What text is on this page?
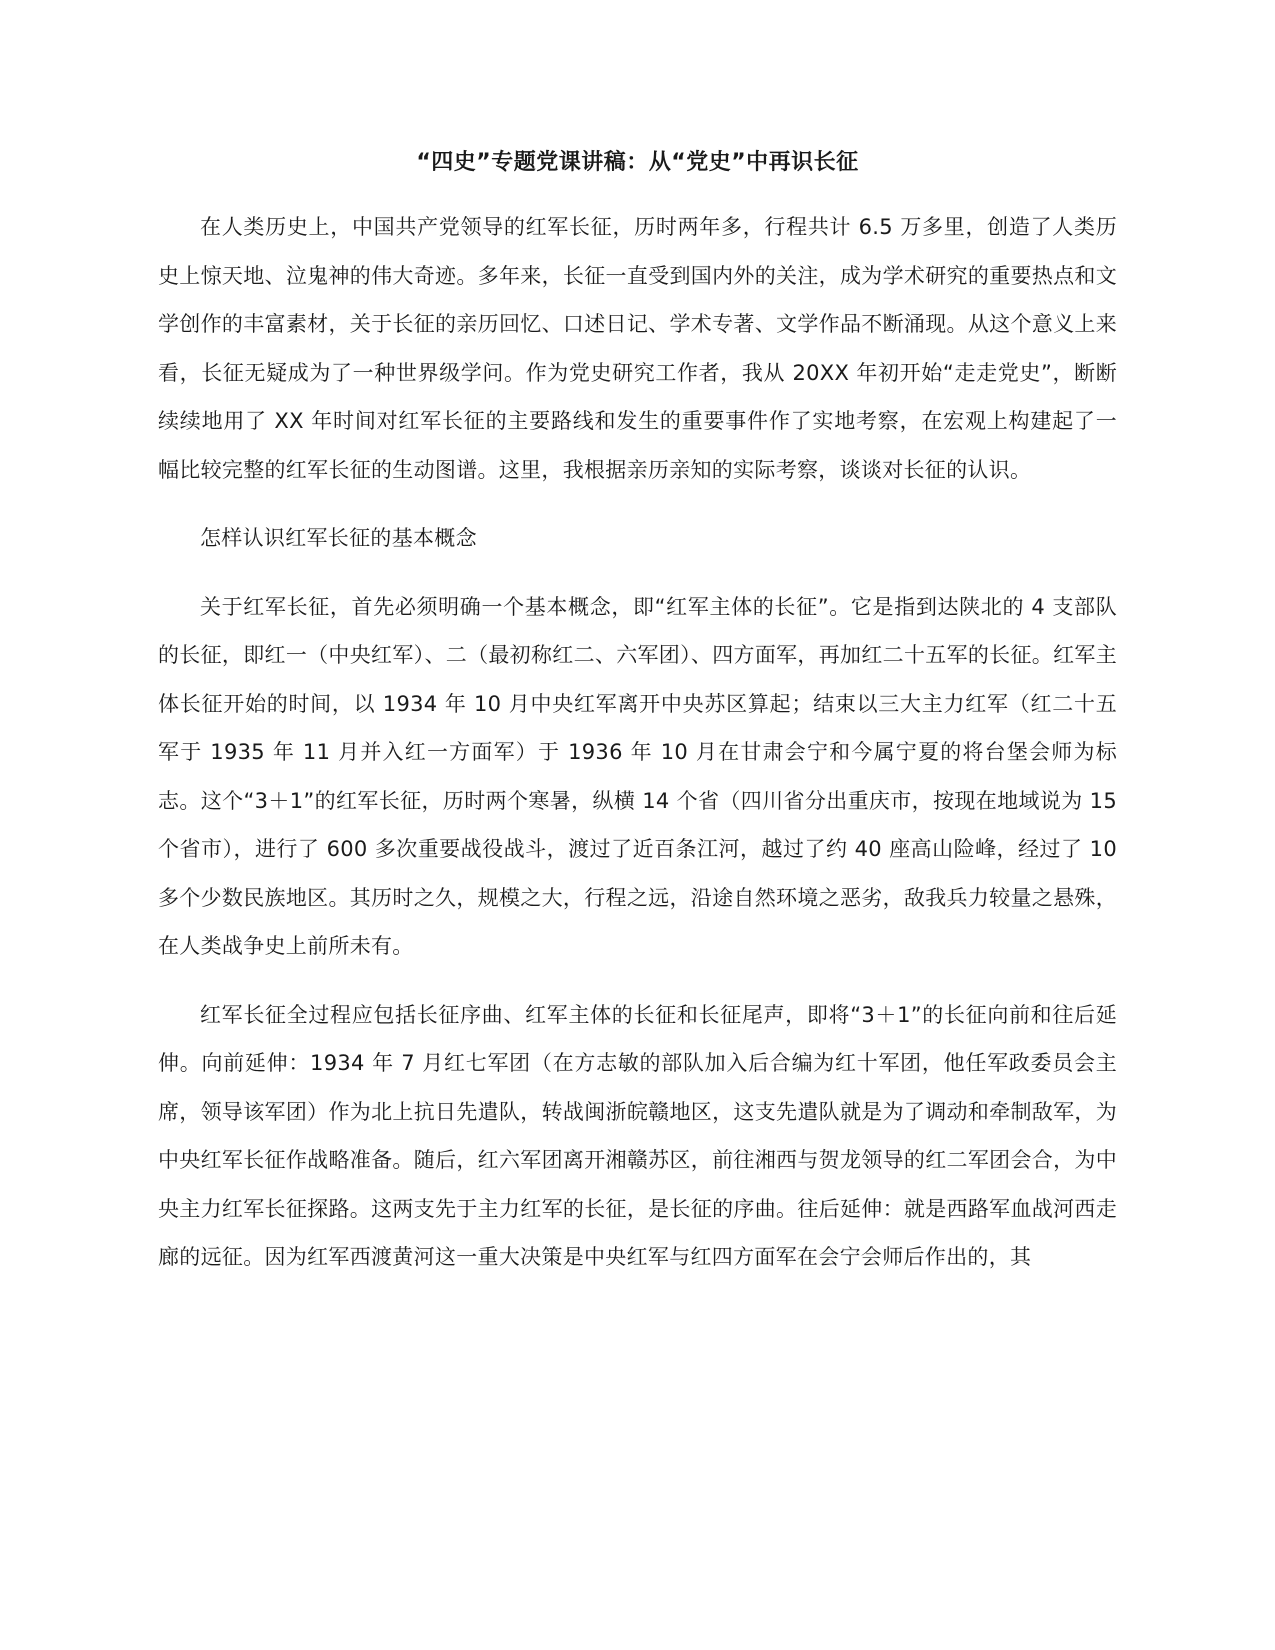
“四史”专题党课讲稿：从“党史”中再识长征

在人类历史上，中国共产党领导的红军长征，历时两年多，行程共计 6.5 万多里，创造了人类历史上惊天地、泣鬼神的伟大奇迹。多年来，长征一直受到国内外的关注，成为学术研究的重要热点和文学创作的丰富素材，关于长征的亲历回忆、口述日记、学术专著、文学作品不断涌现。从这个意义上来看，长征无疑成为了一种世界级学问。作为党史研究工作者，我从 20XX 年初开始“走走党史”，断断续续地用了 XX 年时间对红军长征的主要路线和发生的重要事件作了实地考察，在宏观上构建起了一幅比较完整的红军长征的生动图谱。这里，我根据亲历亲知的实际考察，谈谈对长征的认识。

怎样认识红军长征的基本概念

关于红军长征，首先必须明确一个基本概念，即“红军主体的长征”。它是指到达陕北的 4 支部队的长征，即红一（中央红军）、二（最初称红二、六军团）、四方面军，再加红二十五军的长征。红军主体长征开始的时间，以 1934 年 10 月中央红军离开中央苏区算起；结束以三大主力红军（红二十五军于 1935 年 11 月并入红一方面军）于 1936 年 10 月在甘肃会宁和今属宁夏的将台堡会师为标志。这个“3＋1”的红军长征，历时两个寒暑，纵横 14 个省（四川省分出重庆市，按现在地域说为 15 个省市），进行了 600 多次重要战役战斗，渡过了近百条江河，越过了约 40 座高山险峰，经过了 10 多个少数民族地区。其历时之久，规模之大，行程之远，沿途自然环境之恶劣，敌我兵力较量之悬殊，在人类战争史上前所未有。

红军长征全过程应包括长征序曲、红军主体的长征和长征尾声，即将“3＋1”的长征向前和往后延伸。向前延伸：1934 年 7 月红七军团（在方志敏的部队加入后合编为红十军团，他任军政委员会主席，领导该军团）作为北上抗日先遣队，转战闽浙皖赣地区，这支先遣队就是为了调动和牵制敌军，为中央红军长征作战略准备。随后，红六军团离开湘赣苏区，前往湘西与贺龙领导的红二军团会合，为中央主力红军长征探路。这两支先于主力红军的长征，是长征的序曲。往后延伸：就是西路军血战河西走廊的远征。因为红军西渡黄河这一重大决策是中央红军与红四方面军在会宁会师后作出的，其
